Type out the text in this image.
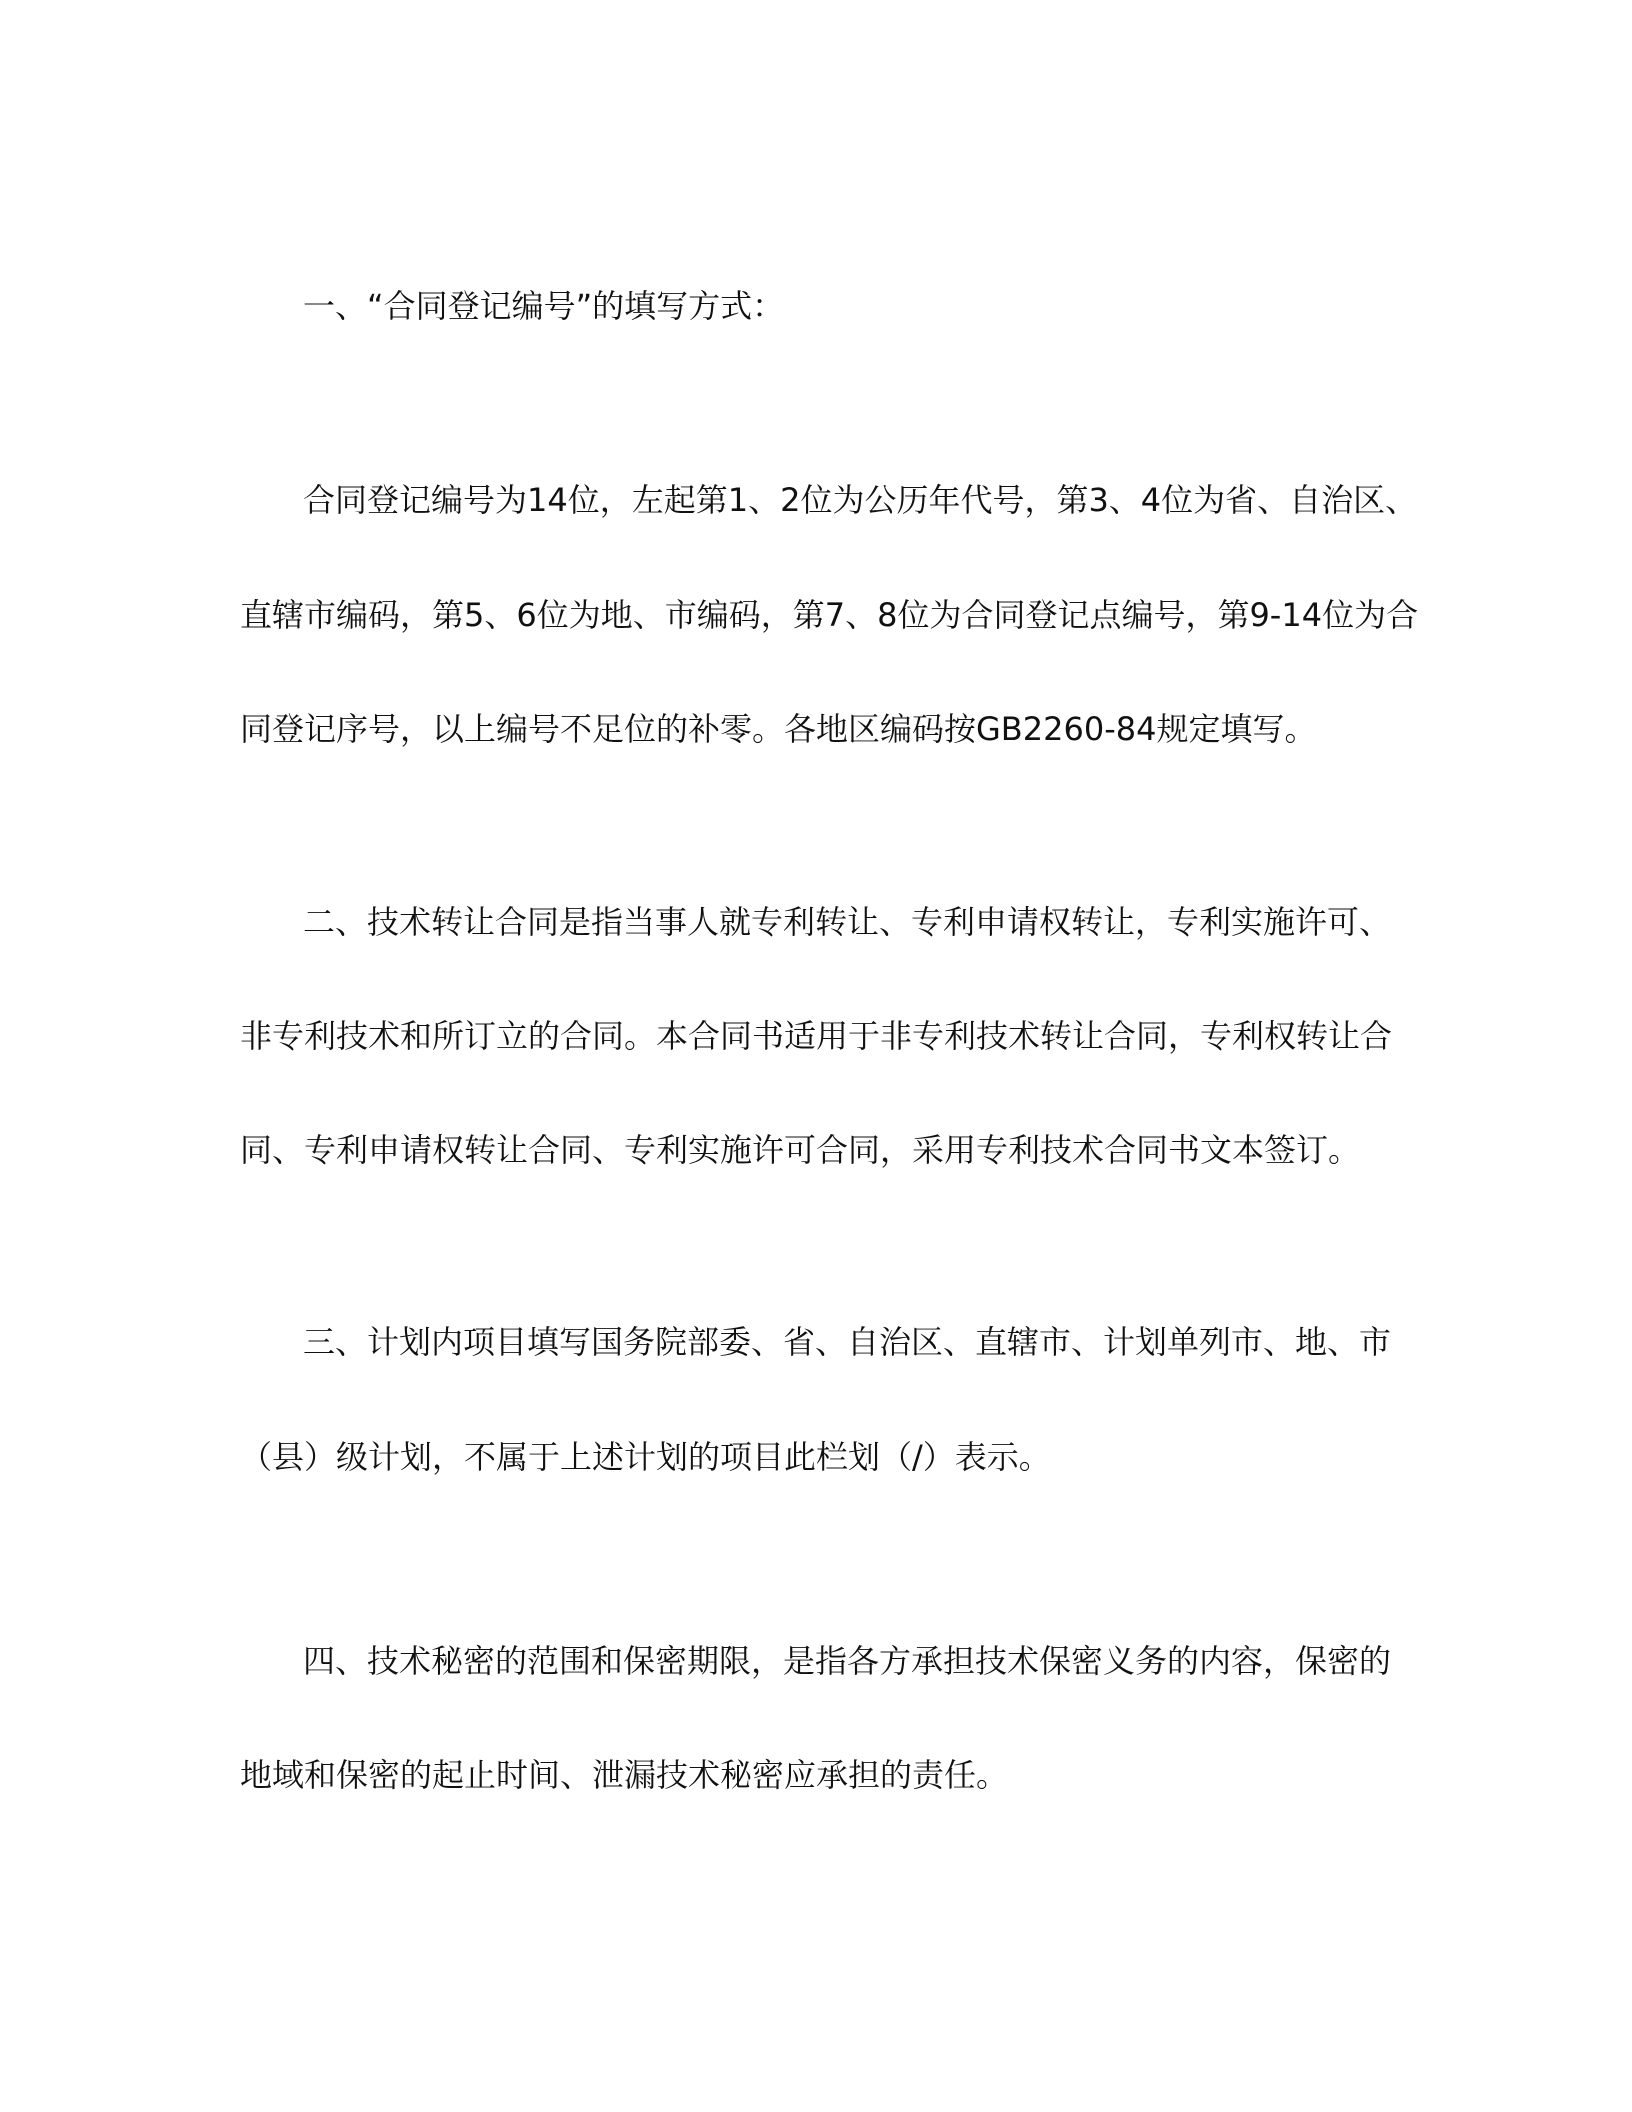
一、“合同登记编号”的填写方式：

合同登记编号为14位，左起第1、2位为公历年代号，第3、4位为省、自治区、

直辖市编码，第5、6位为地、市编码，第7、8位为合同登记点编号，第9-14位为合

同登记序号，以上编号不足位的补零。各地区编码按GB2260-84规定填写。

二、技术转让合同是指当事人就专利转让、专利申请权转让，专利实施许可、

非专利技术和所订立的合同。本合同书适用于非专利技术转让合同，专利权转让合

同、专利申请权转让合同、专利实施许可合同，采用专利技术合同书文本签订。

三、计划内项目填写国务院部委、省、自治区、直辖市、计划单列市、地、市

（县）级计划，不属于上述计划的项目此栏划（/）表示。

四、技术秘密的范围和保密期限，是指各方承担技术保密义务的内容，保密的

地域和保密的起止时间、泄漏技术秘密应承担的责任。
